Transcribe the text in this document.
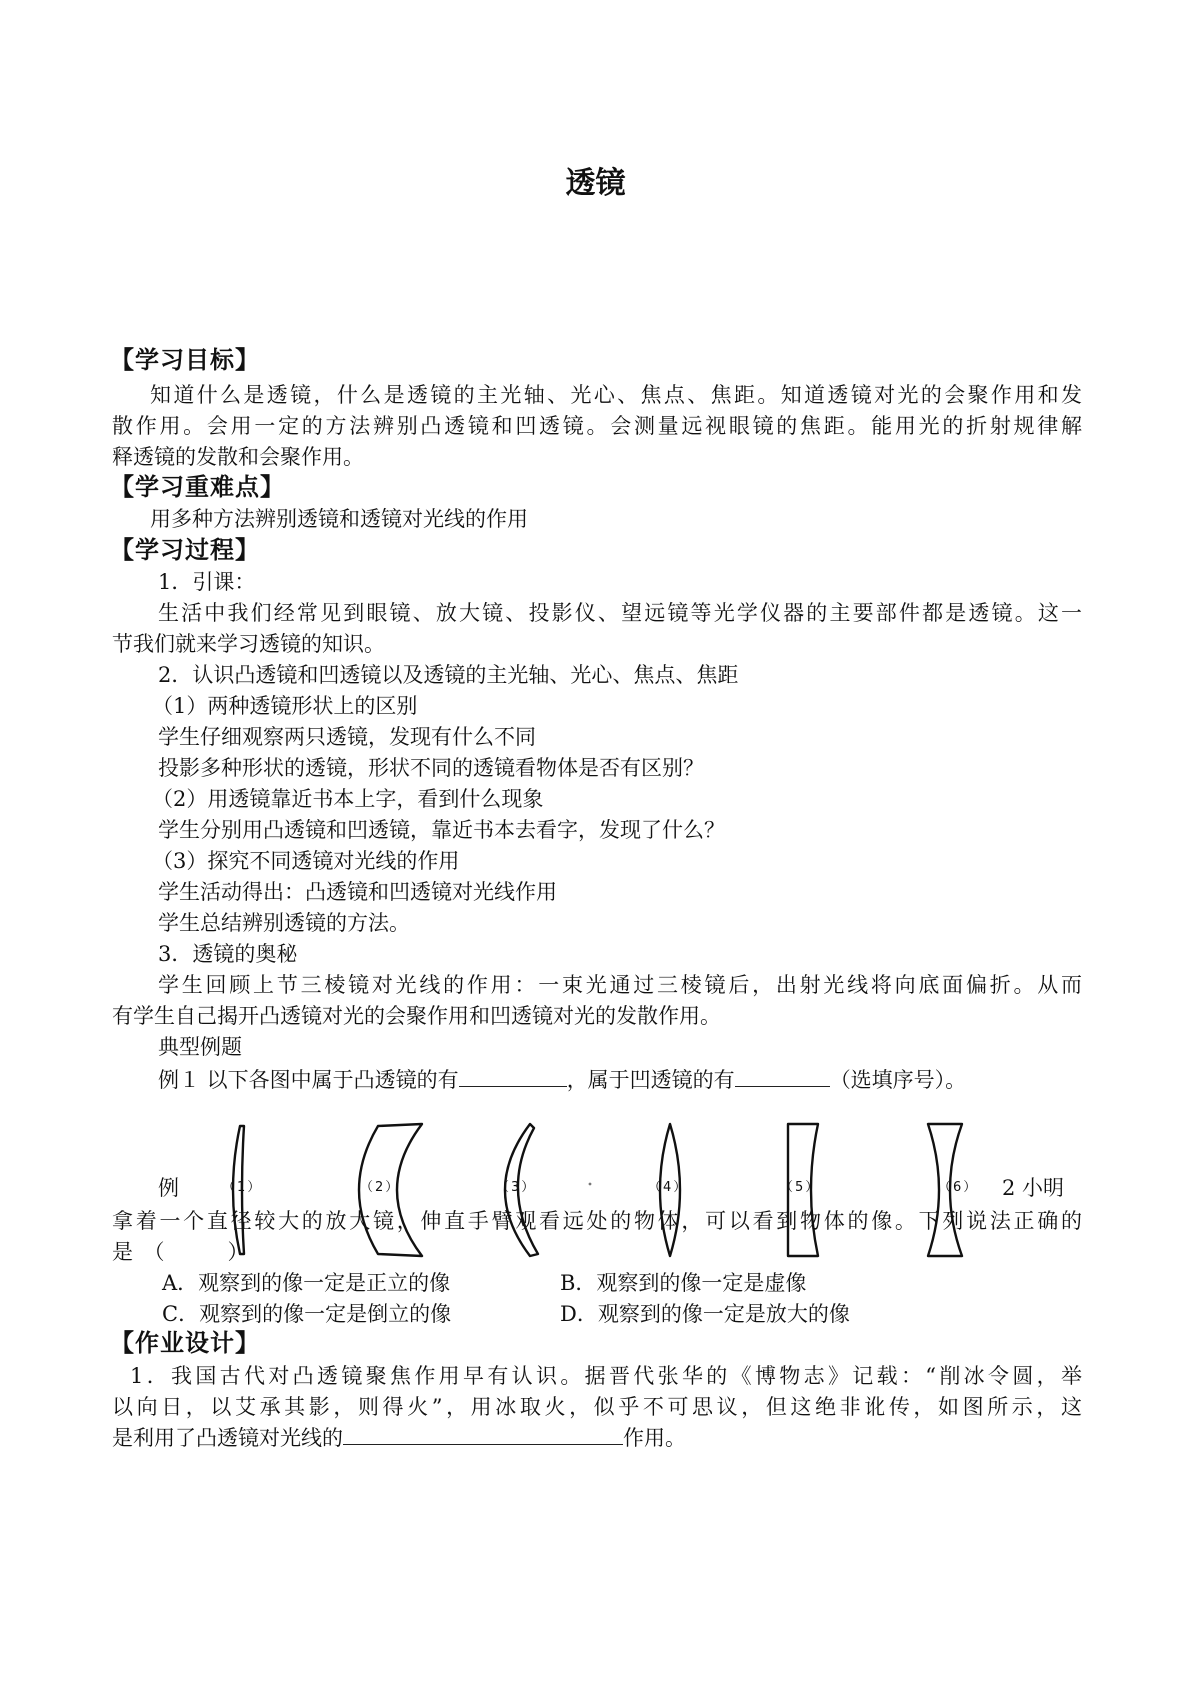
透镜
【学习目标】
知道什么是透镜，什么是透镜的主光轴、光心、焦点、焦距。知道透镜对光的会聚作用和发
散作用。会用一定的方法辨别凸透镜和凹透镜。会测量远视眼镜的焦距。能用光的折射规律解
释透镜的发散和会聚作用。
【学习重难点】
用多种方法辨别透镜和透镜对光线的作用
【学习过程】
1．引课：
生活中我们经常见到眼镜、放大镜、投影仪、望远镜等光学仪器的主要部件都是透镜。这一
节我们就来学习透镜的知识。
2．认识凸透镜和凹透镜以及透镜的主光轴、光心、焦点、焦距
（1）两种透镜形状上的区别
学生仔细观察两只透镜，发现有什么不同
投影多种形状的透镜，形状不同的透镜看物体是否有区别？
（2）用透镜靠近书本上字，看到什么现象
学生分别用凸透镜和凹透镜，靠近书本去看字，发现了什么？
（3）探究不同透镜对光线的作用
学生活动得出：凸透镜和凹透镜对光线作用
学生总结辨别透镜的方法。
3．透镜的奥秘
学生回顾上节三棱镜对光线的作用：一束光通过三棱镜后，出射光线将向底面偏折。从而
有学生自己揭开凸透镜对光的会聚作用和凹透镜对光的发散作用。
典型例题
例１ 以下各图中属于凸透镜的有	，属于凹透镜的有	（选填序号）。
例	（1）	（2）	（3）	（4）	（5）	（6） 2 小明
拿着一个直径较大的放大镜，伸直手臂观看远处的物体，可以看到物体的像。下列说法正确的
是　（　　　）
A．观察到的像一定是正立的像	B．观察到的像一定是虚像
C．观察到的像一定是倒立的像	D．观察到的像一定是放大的像
【作业设计】
1．我国古代对凸透镜聚焦作用早有认识。据晋代张华的《博物志》记载：“削冰令圆，举
以向日，以艾承其影，则得火”，用冰取火，似乎不可思议，但这绝非讹传，如图所示，这
是利用了凸透镜对光线的	作用。
